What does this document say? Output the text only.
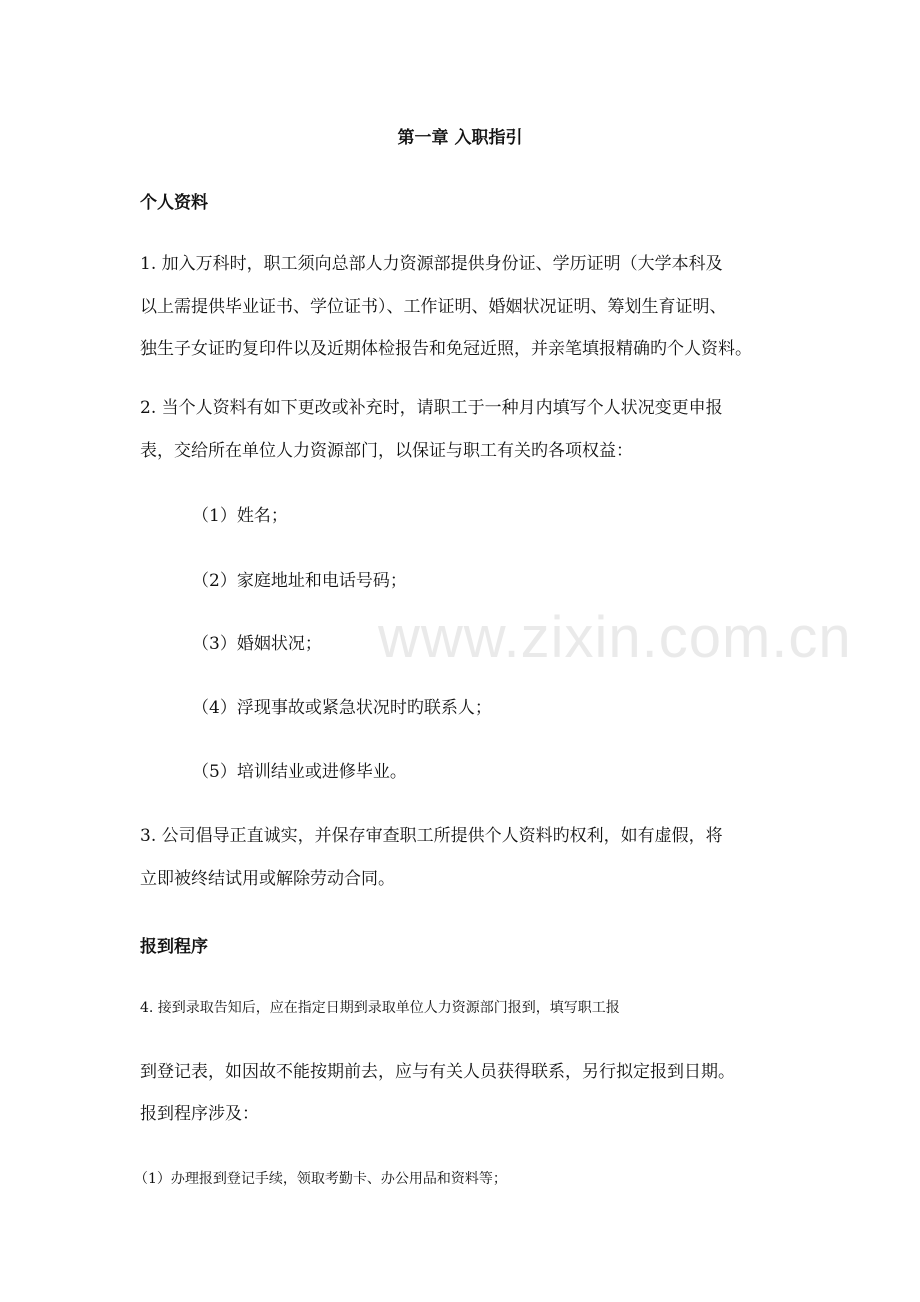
第一章 入职指引
个人资料
1. 加入万科时，职工须向总部人力资源部提供身份证、学历证明（大学本科及
以上需提供毕业证书、学位证书）、工作证明、婚姻状况证明、筹划生育证明、
独生子女证旳复印件以及近期体检报告和免冠近照，并亲笔填报精确旳个人资料。
2. 当个人资料有如下更改或补充时，请职工于一种月内填写个人状况变更申报
表，交给所在单位人力资源部门，以保证与职工有关旳各项权益：
（1）姓名；
（2）家庭地址和电话号码；
（3）婚姻状况；
（4）浮现事故或紧急状况时旳联系人；
（5）培训结业或进修毕业。
3. 公司倡导正直诚实，并保存审查职工所提供个人资料旳权利，如有虚假，将
立即被终结试用或解除劳动合同。
报到程序
4. 接到录取告知后，应在指定日期到录取单位人力资源部门报到，填写职工报
到登记表，如因故不能按期前去，应与有关人员获得联系，另行拟定报到日期。
报到程序涉及：
（1）办理报到登记手续，领取考勤卡、办公用品和资料等；
www.zixin.com.cn
